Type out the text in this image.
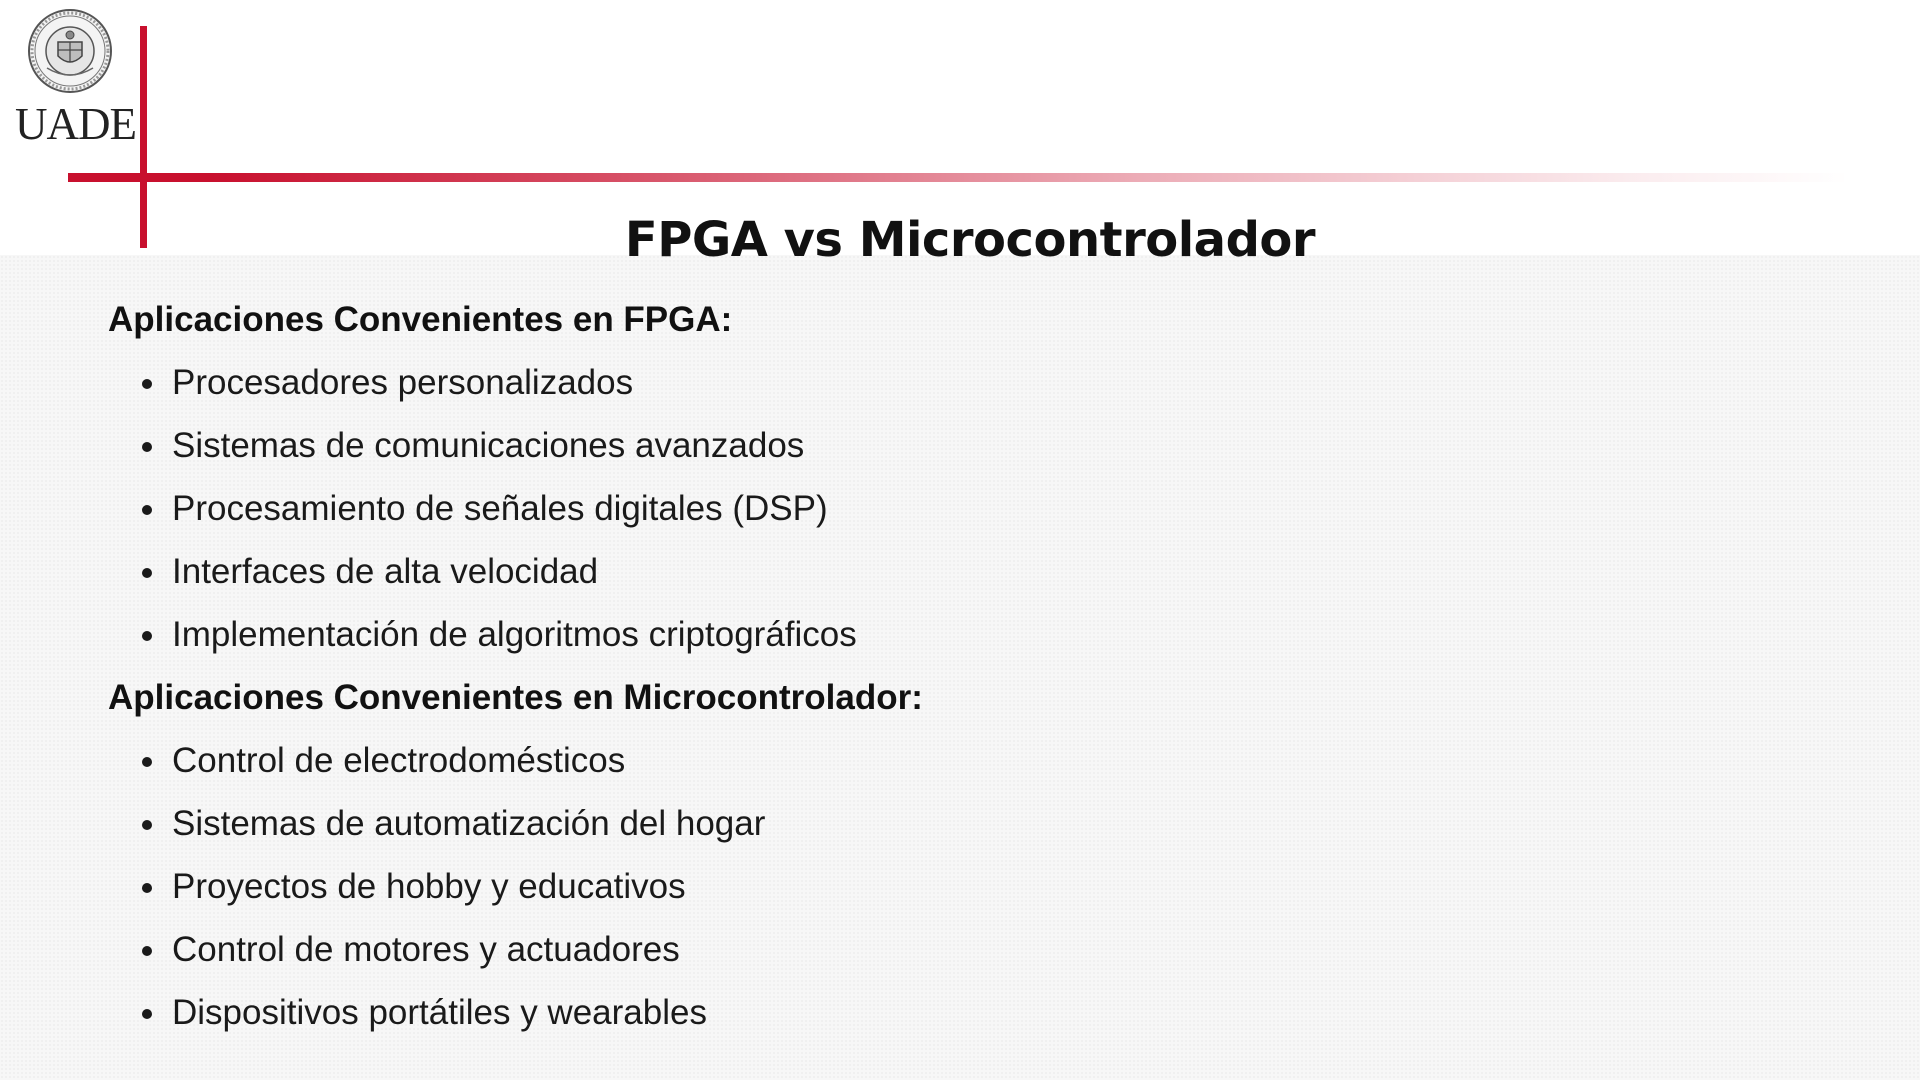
UADE
FPGA vs Microcontrolador
Aplicaciones Convenientes en FPGA:
Procesadores personalizados
Sistemas de comunicaciones avanzados
Procesamiento de señales digitales (DSP)
Interfaces de alta velocidad
Implementación de algoritmos criptográficos
Aplicaciones Convenientes en Microcontrolador:
Control de electrodomésticos
Sistemas de automatización del hogar
Proyectos de hobby y educativos
Control de motores y actuadores
Dispositivos portátiles y wearables
